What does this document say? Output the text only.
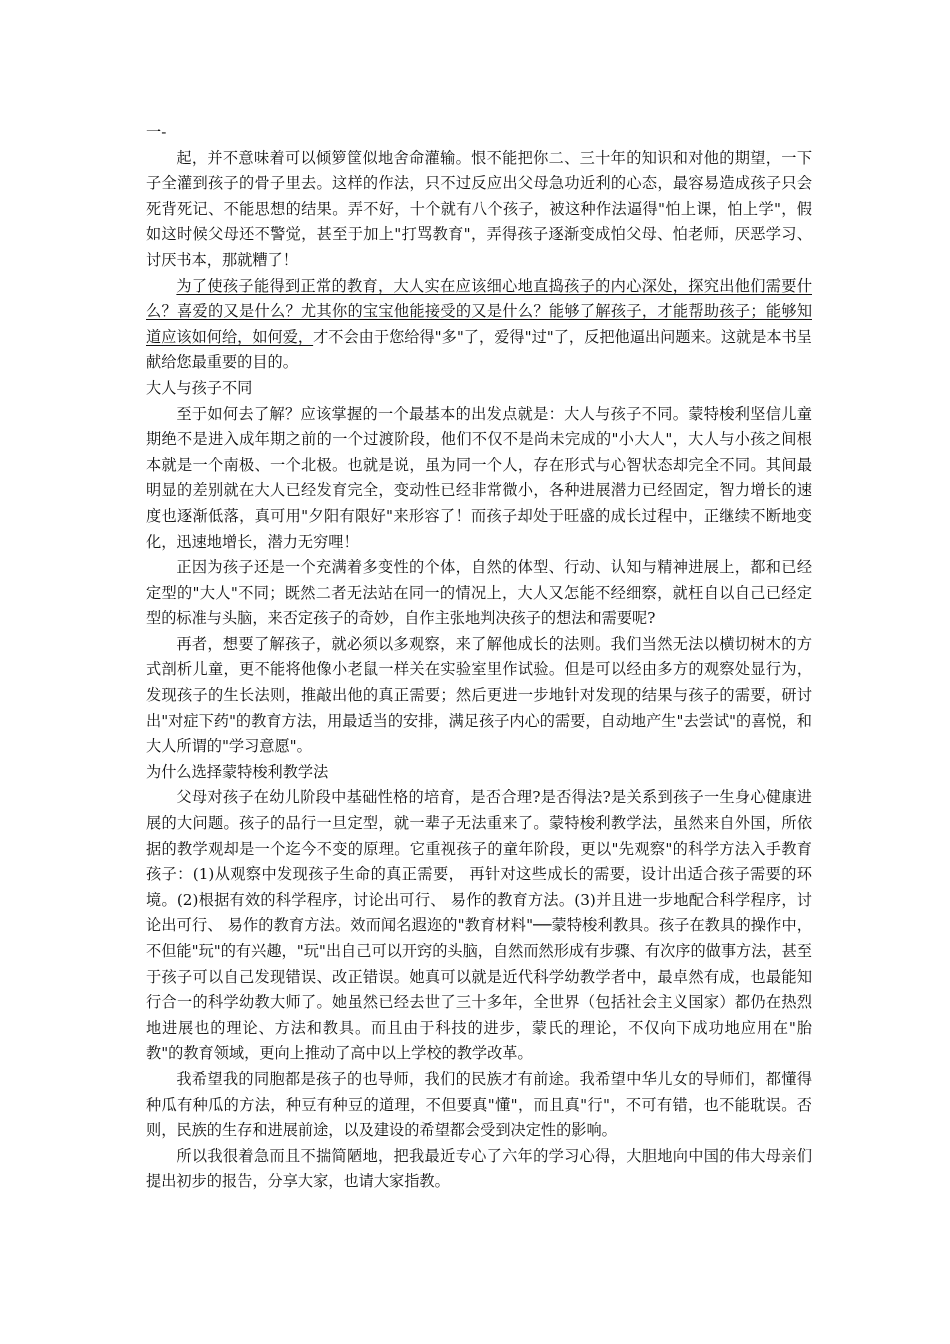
一-

起，并不意味着可以倾箩筐似地舍命灌输。恨不能把你二、三十年的知识和对他的期望，一下子全灌到孩子的骨子里去。这样的作法，只不过反应出父母急功近利的心态，最容易造成孩子只会死背死记、不能思想的结果。弄不好，十个就有八个孩子，被这种作法逼得"怕上课，怕上学"，假如这时候父母还不警觉，甚至于加上"打骂教育"，弄得孩子逐渐变成怕父母、怕老师，厌恶学习、讨厌书本，那就糟了！

为了使孩子能得到正常的教育，大人实在应该细心地直捣孩子的内心深处，探究出他们需要什么？喜爱的又是什么？尤其你的宝宝他能接受的又是什么？能够了解孩子，才能帮助孩子；能够知道应该如何给，如何爱，才不会由于您给得"多"了，爱得"过"了，反把他逼出问题来。这就是本书呈献给您最重要的目的。

大人与孩子不同

至于如何去了解？应该掌握的一个最基本的出发点就是：大人与孩子不同。蒙特梭利坚信儿童期绝不是进入成年期之前的一个过渡阶段，他们不仅不是尚未完成的"小大人"，大人与小孩之间根本就是一个南极、一个北极。也就是说，虽为同一个人，存在形式与心智状态却完全不同。其间最明显的差别就在大人已经发育完全，变动性已经非常微小，各种进展潜力已经固定，智力增长的速度也逐渐低落，真可用"夕阳有限好"来形容了！而孩子却处于旺盛的成长过程中，正继续不断地变化，迅速地增长，潜力无穷哩！

正因为孩子还是一个充满着多变性的个体，自然的体型、行动、认知与精神进展上，都和已经定型的"大人"不同；既然二者无法站在同一的情况上，大人又怎能不经细察，就枉自以自己已经定型的标准与头脑，来否定孩子的奇妙，自作主张地判决孩子的想法和需要呢?

再者，想要了解孩子，就必须以多观察，来了解他成长的法则。我们当然无法以横切树木的方式剖析儿童，更不能将他像小老鼠一样关在实验室里作试验。但是可以经由多方的观察处显行为，发现孩子的生长法则，推敲出他的真正需要；然后更进一步地针对发现的结果与孩子的需要，研讨出"对症下药"的教育方法，用最适当的安排，满足孩子内心的需要，自动地产生"去尝试"的喜悦，和大人所谓的"学习意愿"。

为什么选择蒙特梭利教学法

父母对孩子在幼儿阶段中基础性格的培育，是否合理?是否得法?是关系到孩子一生身心健康进展的大问题。孩子的品行一旦定型，就一辈子无法重来了。蒙特梭利教学法，虽然来自外国，所依据的教学观却是一个迄今不变的原理。它重视孩子的童年阶段，更以"先观察"的科学方法入手教育孩子：(1)从观察中发现孩子生命的真正需要， 再针对这些成长的需要，设计出适合孩子需要的环境。(2)根据有效的科学程序，讨论出可行、 易作的教育方法。(3)并且进一步地配合科学程序，讨论出可行、 易作的教育方法。效而闻名遐迩的"教育材料"──蒙特梭利教具。孩子在教具的操作中，不但能"玩"的有兴趣，"玩"出自己可以开窍的头脑，自然而然形成有步骤、有次序的做事方法，甚至于孩子可以自己发现错误、改正错误。她真可以就是近代科学幼教学者中，最卓然有成，也最能知行合一的科学幼教大师了。她虽然已经去世了三十多年，全世界（包括社会主义国家）都仍在热烈地进展也的理论、方法和教具。而且由于科技的进步，蒙氏的理论，不仅向下成功地应用在"胎教"的教育领域，更向上推动了高中以上学校的教学改革。

我希望我的同胞都是孩子的也导师，我们的民族才有前途。我希望中华儿女的导师们，都懂得种瓜有种瓜的方法，种豆有种豆的道理，不但要真"懂"，而且真"行"，不可有错，也不能耽误。否则，民族的生存和进展前途，以及建设的希望都会受到决定性的影响。

所以我很着急而且不揣简陋地，把我最近专心了六年的学习心得，大胆地向中国的伟大母亲们提出初步的报告，分享大家，也请大家指教。
